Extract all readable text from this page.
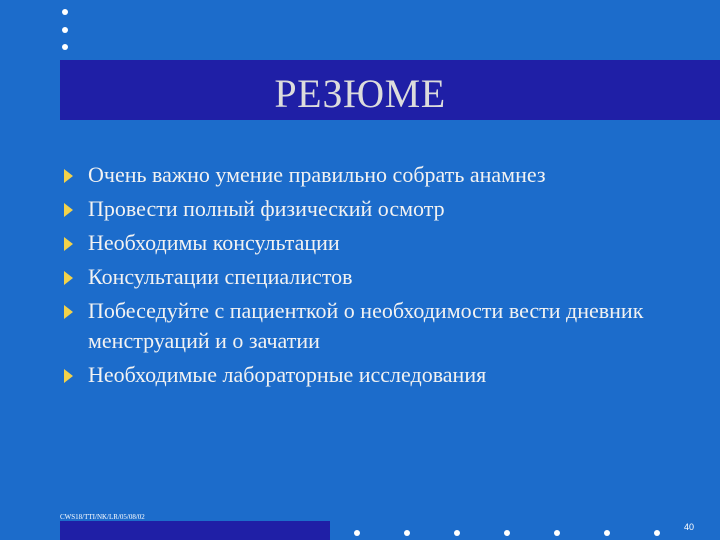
РЕЗЮМЕ
Очень важно умение правильно собрать анамнез
Провести полный физический осмотр
Необходимы консультации
Консультации специалистов
Побеседуйте с пациенткой о необходимости вести дневник менструаций и о зачатии
Необходимые лабораторные исследования
CWS18/TTI/NK/LR/05/08/02
40
